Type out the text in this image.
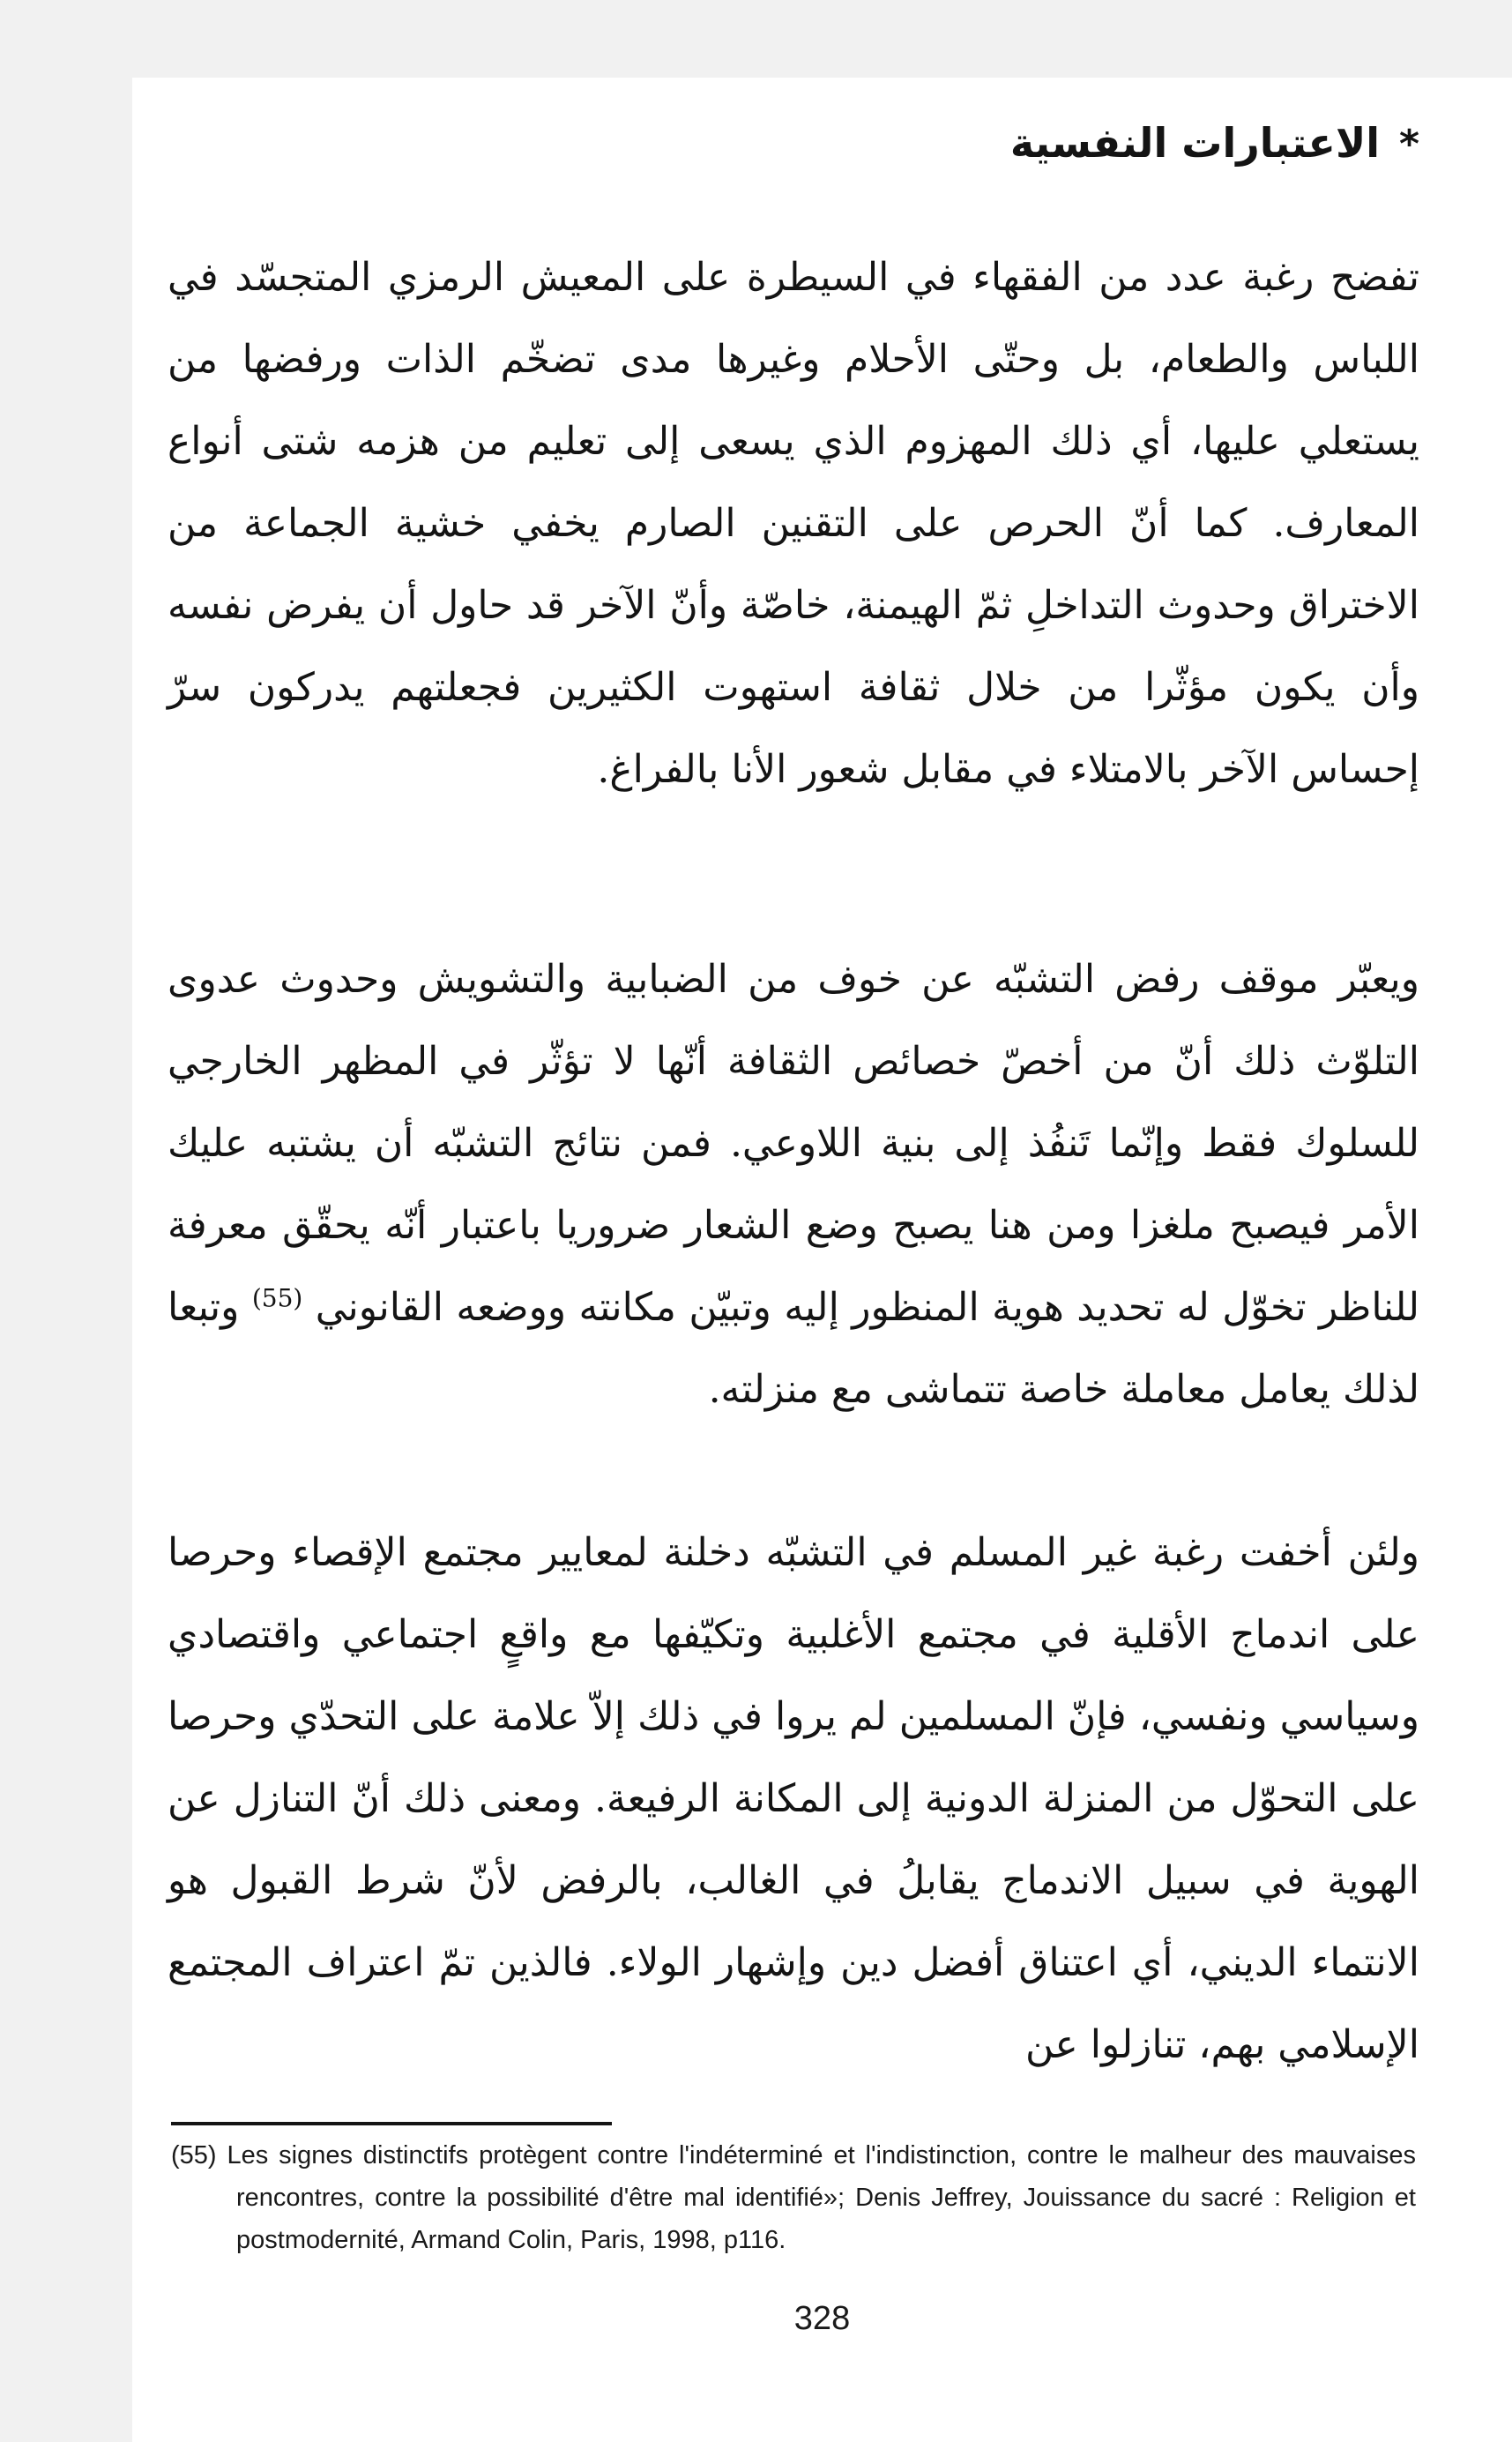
*الاعتبارات النفسية

تفضح رغبة عدد من الفقهاء في السيطرة على المعيش الرمزي المتجسّد في اللباس والطعام، بل وحتّى الأحلام وغيرها مدى تضخّم الذات ورفضها من يستعلي عليها، أي ذلك المهزوم الذي يسعى إلى تعليم من هزمه شتى أنواع المعارف. كما أنّ الحرص على التقنين الصارم يخفي خشية الجماعة من الاختراق وحدوث التداخلِ ثمّ الهيمنة، خاصّة وأنّ الآخر قد حاول أن يفرض نفسه وأن يكون مؤثّرا من خلال ثقافة استهوت الكثيرين فجعلتهم يدركون سرّ إحساس الآخر بالامتلاء في مقابل شعور الأنا بالفراغ.

ويعبّر موقف رفض التشبّه عن خوف من الضبابية والتشويش وحدوث عدوى التلوّث ذلك أنّ من أخصّ خصائص الثقافة أنّها لا تؤثّر في المظهر الخارجي للسلوك فقط وإنّما تَنفُذ إلى بنية اللاوعي. فمن نتائج التشبّه أن يشتبه عليك الأمر فيصبح ملغزا ومن هنا يصبح وضع الشعار ضروريا باعتبار أنّه يحقّق معرفة للناظر تخوّل له تحديد هوية المنظور إليه وتبيّن مكانته ووضعه القانوني $^{(55)}$ وتبعا لذلك يعامل معاملة خاصة تتماشى مع منزلته.

ولئن أخفت رغبة غير المسلم في التشبّه دخلنة لمعايير مجتمع الإقصاء وحرصا على اندماج الأقلية في مجتمع الأغلبية وتكيّفها مع واقعٍ اجتماعي واقتصادي وسياسي ونفسي، فإنّ المسلمين لم يروا في ذلك إلاّ علامة على التحدّي وحرصا على التحوّل من المنزلة الدونية إلى المكانة الرفيعة. ومعنى ذلك أنّ التنازل عن الهوية في سبيل الاندماج يقابلُ في الغالب، بالرفض لأنّ شرط القبول هو الانتماء الديني، أي اعتناق أفضل دين وإشهار الولاء. فالذين تمّ اعتراف المجتمع الإسلامي بهم، تنازلوا عن

(55) Les signes distinctifs protègent contre l'indéterminé et l'indistinction, contre le malheur des mauvaises rencontres, contre la possibilité d'être mal identifié»; Denis Jeffrey, Jouissance du sacré : Religion et postmodernité, Armand Colin, Paris, 1998, p116.
328
